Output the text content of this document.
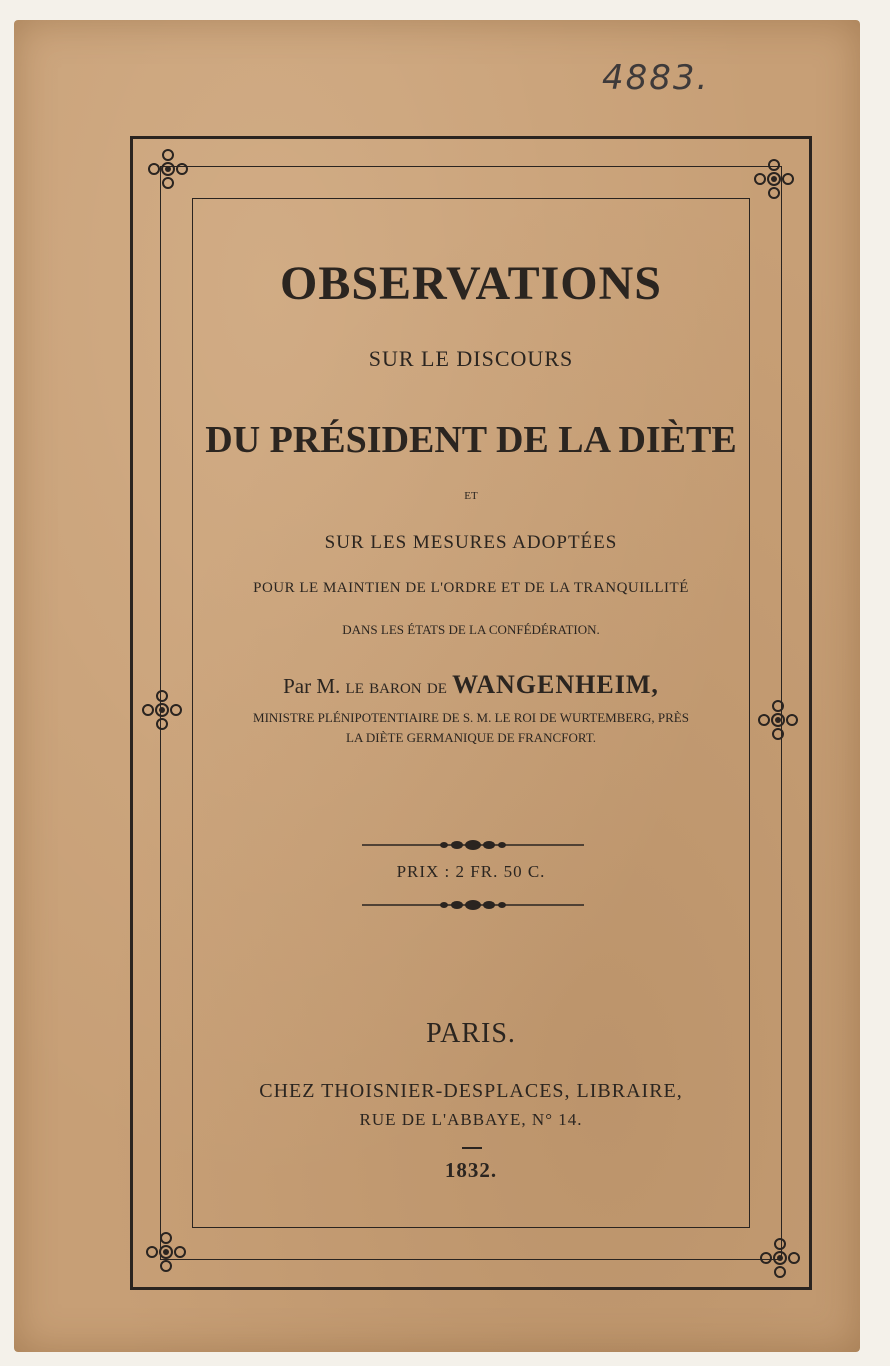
4883.
OBSERVATIONS
SUR LE DISCOURS
DU PRÉSIDENT DE LA DIÈTE
ET
SUR LES MESURES ADOPTÉES
POUR LE MAINTIEN DE L'ORDRE ET DE LA TRANQUILLITÉ
DANS LES ÉTATS DE LA CONFÉDÉRATION.
Par M. le baron de WANGENHEIM,
MINISTRE PLÉNIPOTENTIAIRE DE S. M. LE ROI DE WURTEMBERG, PRÈS
LA DIÈTE GERMANIQUE DE FRANCFORT.
PRIX : 2 FR. 50 C.
PARIS.
CHEZ THOISNIER-DESPLACES, LIBRAIRE,
RUE DE L'ABBAYE, N° 14.
1832.
